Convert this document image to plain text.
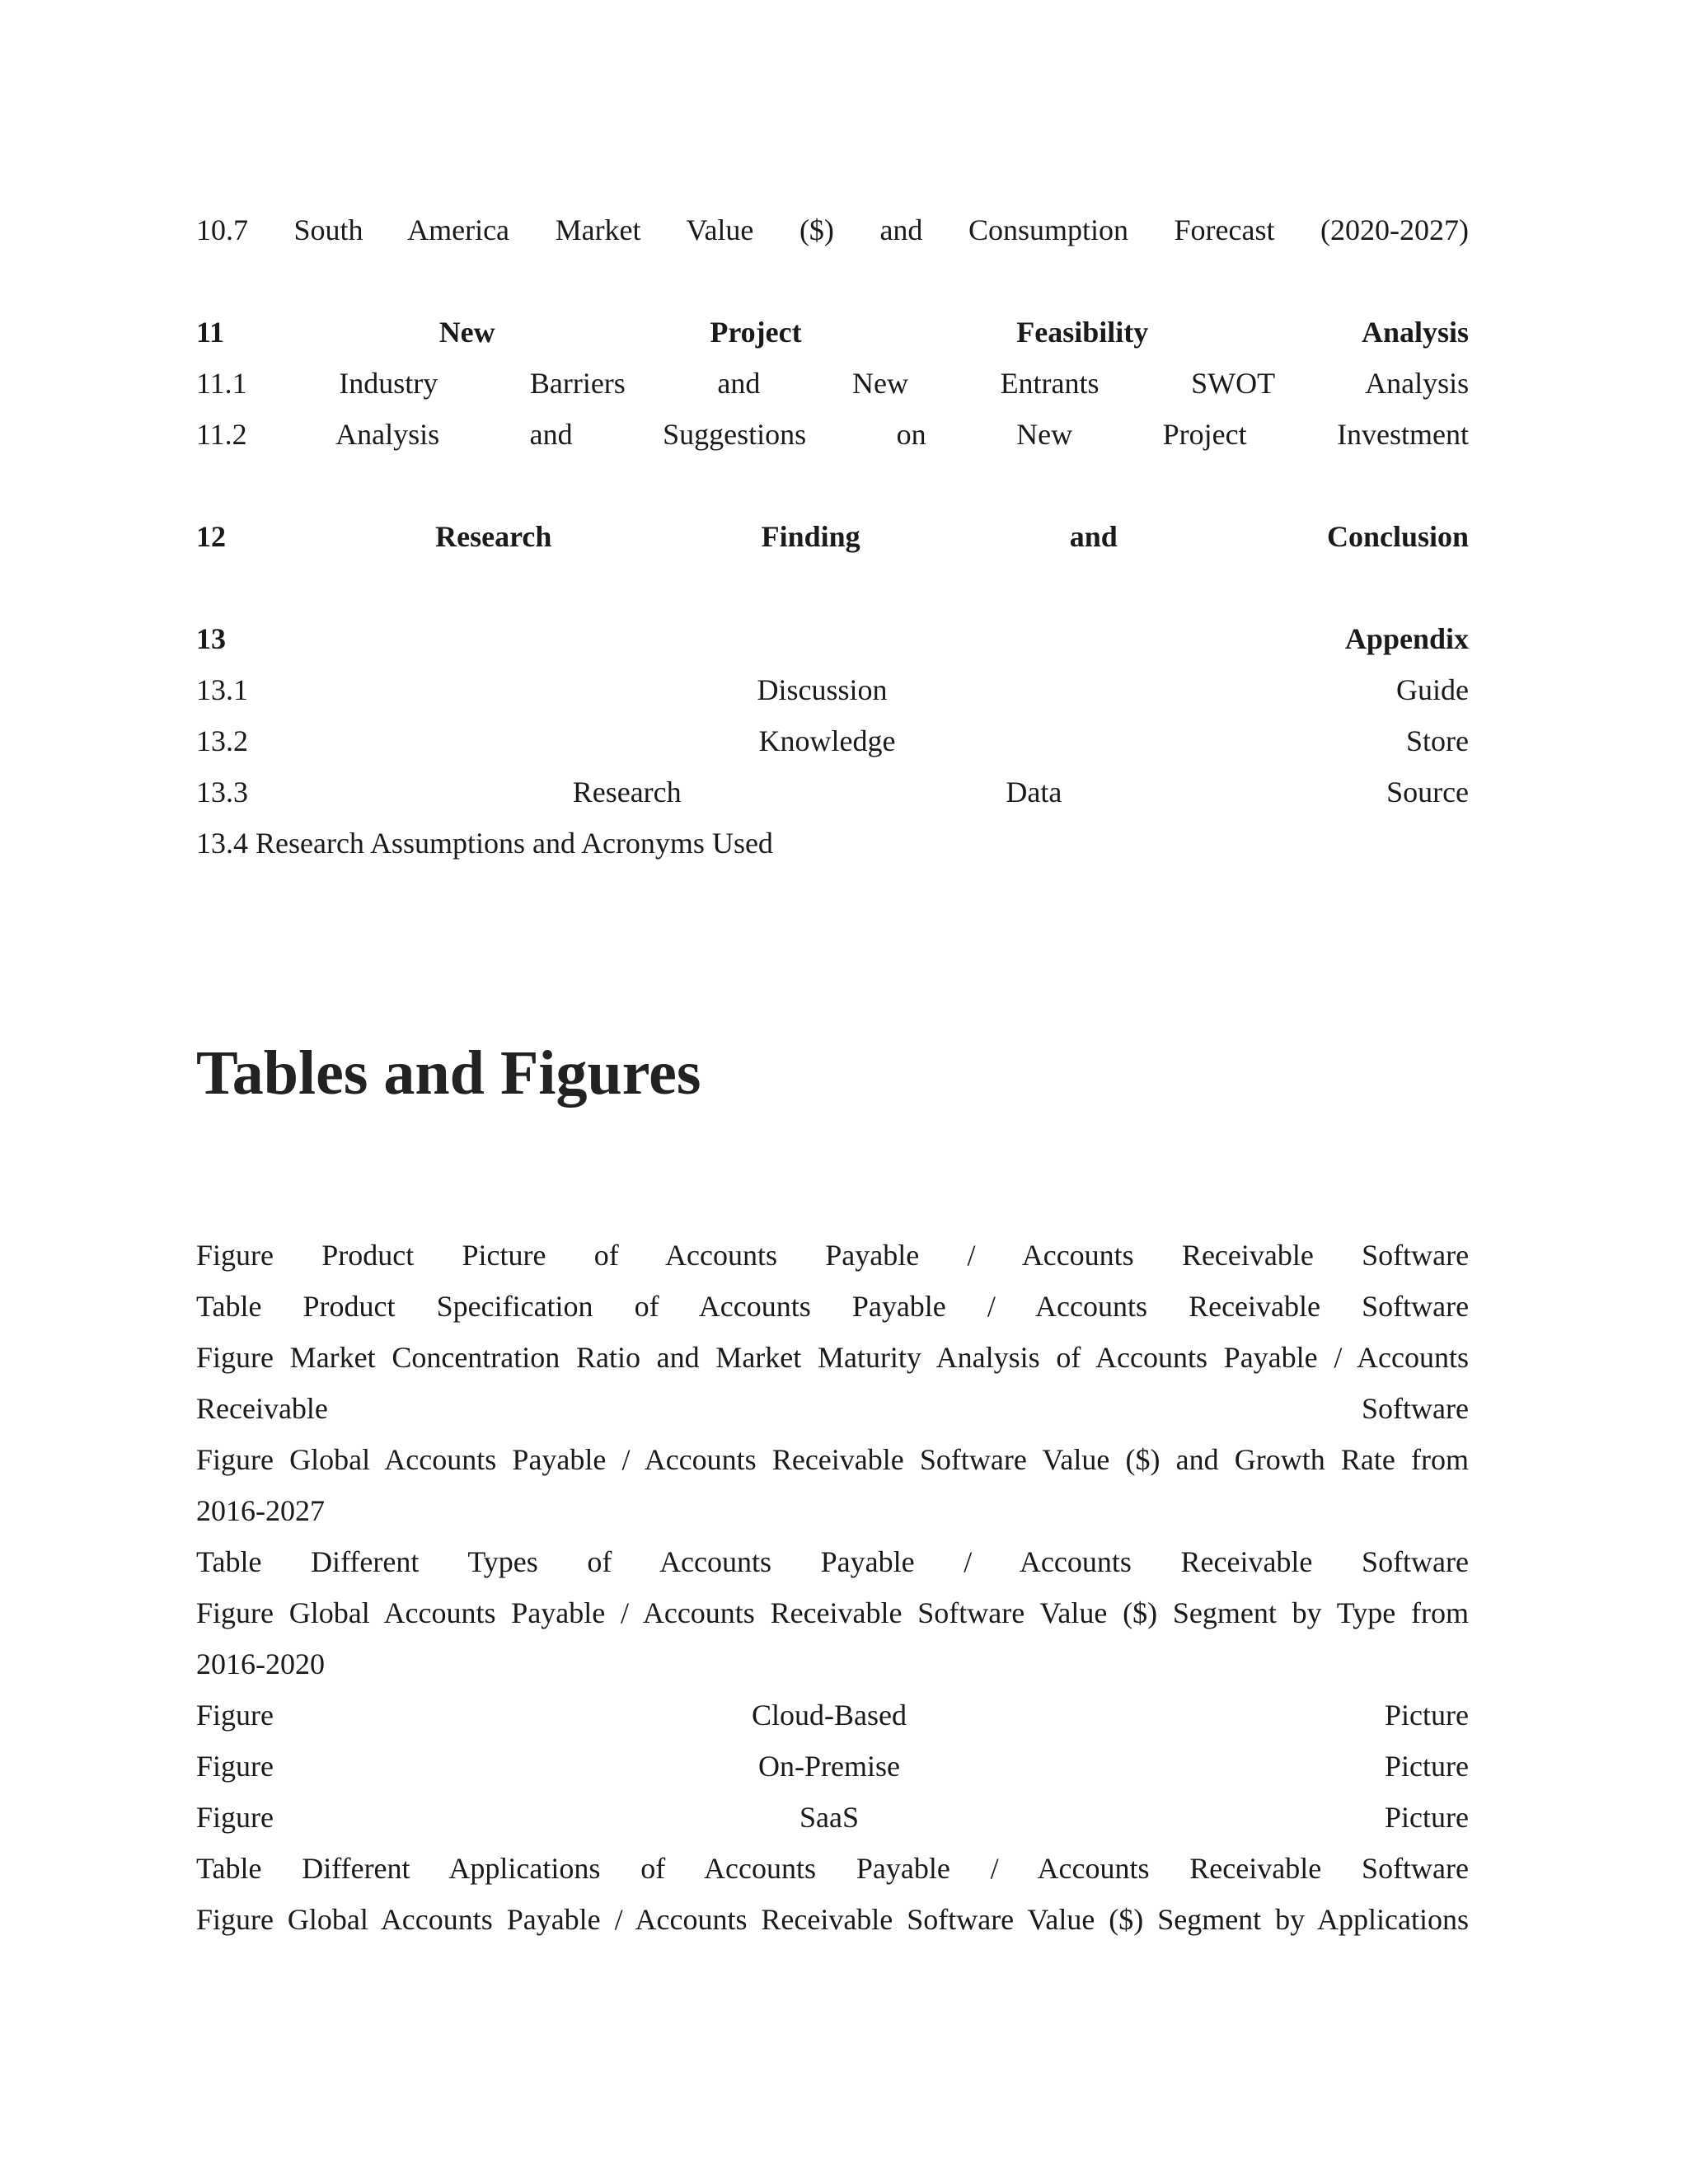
10.7 South America Market Value ($) and Consumption Forecast (2020-2027)
11	New	Project	Feasibility	Analysis
11.1	Industry	Barriers	and	New	Entrants	SWOT	Analysis
11.2	Analysis	and	Suggestions	on	New	Project	Investment
12	Research	Finding	and	Conclusion
13	Appendix
13.1	Discussion	Guide
13.2	Knowledge	Store
13.3	Research	Data	Source
13.4 Research Assumptions and Acronyms Used
Tables and Figures
Figure Product Picture of Accounts Payable / Accounts Receivable Software
Table Product Specification of Accounts Payable / Accounts Receivable Software
Figure Market Concentration Ratio and Market Maturity Analysis of Accounts Payable / Accounts
Receivable	Software
Figure Global Accounts Payable / Accounts Receivable Software Value ($) and Growth Rate from
2016-2027
Table Different Types of Accounts Payable / Accounts Receivable Software
Figure Global Accounts Payable / Accounts Receivable Software Value ($) Segment by Type from
2016-2020
Figure	Cloud-Based	Picture
Figure	On-Premise	Picture
Figure	SaaS	Picture
Table Different Applications of Accounts Payable / Accounts Receivable Software
Figure Global Accounts Payable / Accounts Receivable Software Value ($) Segment by Applications
